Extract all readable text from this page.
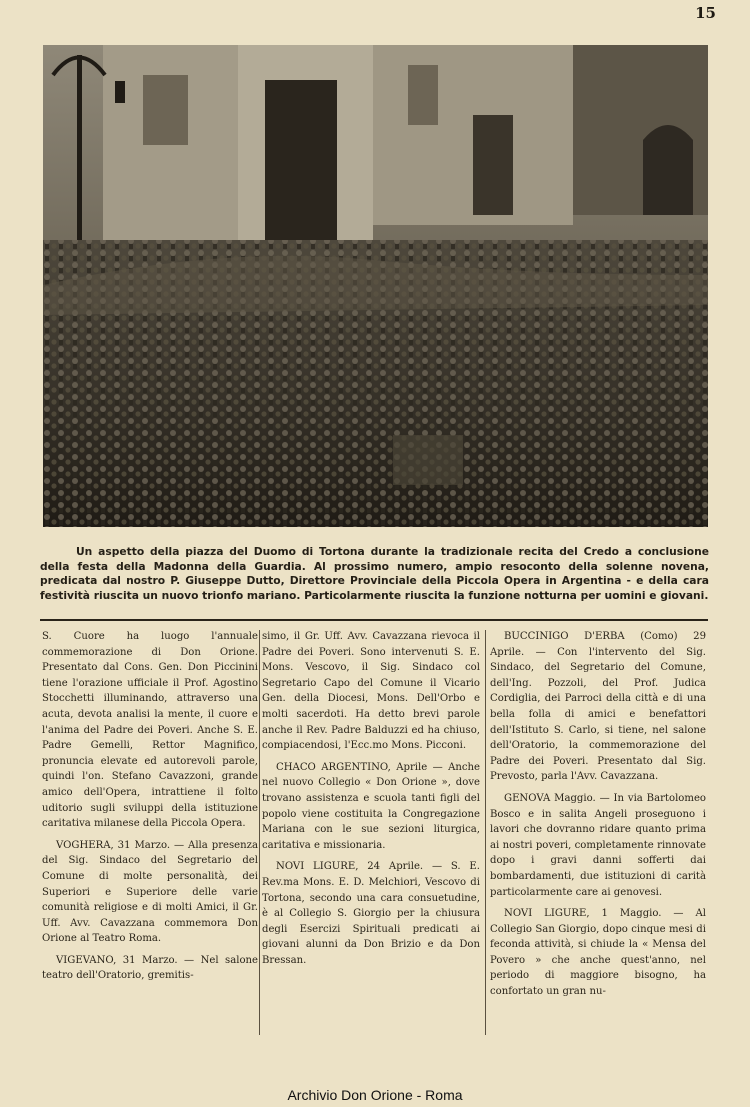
15

Un aspetto della piazza del Duomo di Tortona durante la tradizionale recita del Credo a conclusione della festa della Madonna della Guardia. Al prossimo numero, ampio resoconto della solenne novena, predicata dal nostro P. Giuseppe Dutto, Direttore Provinciale della Piccola Opera in Argentina - e della cara festività riuscita un nuovo trionfo mariano. Particolarmente riuscita la funzione notturna per uomini e giovani.

S. Cuore ha luogo l'annuale commemorazione di Don Orione. Presentato dal Cons. Gen. Don Piccinini tiene l'orazione ufficiale il Prof. Agostino Stocchetti illuminando, attraverso una acuta, devota analisi la mente, il cuore e l'anima del Padre dei Poveri. Anche S. E. Padre Gemelli, Rettor Magnifico, pronuncia elevate ed autorevoli parole, quindi l'on. Stefano Cavazzoni, grande amico dell'Opera, intrattiene il folto uditorio sugli sviluppi della istituzione caritativa milanese della Piccola Opera.

VOGHERA, 31 Marzo. — Alla presenza del Sig. Sindaco del Segretario del Comune di molte personalità, dei Superiori e Superiore delle varie comunità religiose e di molti Amici, il Gr. Uff. Avv. Cavazzana commemora Don Orione al Teatro Roma.

VIGEVANO, 31 Marzo. — Nel salone teatro dell'Oratorio, gremitis-

simo, il Gr. Uff. Avv. Cavazzana rievoca il Padre dei Poveri. Sono intervenuti S. E. Mons. Vescovo, il Sig. Sindaco col Segretario Capo del Comune il Vicario Gen. della Diocesi, Mons. Dell'Orbo e molti sacerdoti. Ha detto brevi parole anche il Rev. Padre Balduzzi ed ha chiuso, compiacendosi, l'Ecc.mo Mons. Picconi.

CHACO ARGENTINO, Aprile — Anche nel nuovo Collegio « Don Orione », dove trovano assistenza e scuola tanti figli del popolo viene costituita la Congregazione Mariana con le sue sezioni liturgica, caritativa e missionaria.

NOVI LIGURE, 24 Aprile. — S. E. Rev.ma Mons. E. D. Melchiori, Vescovo di Tortona, secondo una cara consuetudine, è al Collegio S. Giorgio per la chiusura degli Esercizi Spirituali predicati ai giovani alunni da Don Brizio e da Don Bressan.

BUCCINIGO D'ERBA (Como) 29 Aprile. — Con l'intervento del Sig. Sindaco, del Segretario del Comune, dell'Ing. Pozzoli, del Prof. Judica Cordiglia, dei Parroci della città e di una bella folla di amici e benefattori dell'Istituto S. Carlo, si tiene, nel salone dell'Oratorio, la commemorazione del Padre dei Poveri. Presentato dal Sig. Prevosto, parla l'Avv. Cavazzana.

GENOVA Maggio. — In via Bartolomeo Bosco e in salita Angeli proseguono i lavori che dovranno ridare quanto prima ai nostri poveri, completamente rinnovate dopo i gravi danni sofferti dai bombardamenti, due istituzioni di carità particolarmente care ai genovesi.

NOVI LIGURE, 1 Maggio. — Al Collegio San Giorgio, dopo cinque mesi di feconda attività, si chiude la « Mensa del Povero » che anche quest'anno, nel periodo di maggiore bisogno, ha confortato un gran nu-

Archivio Don Orione - Roma
